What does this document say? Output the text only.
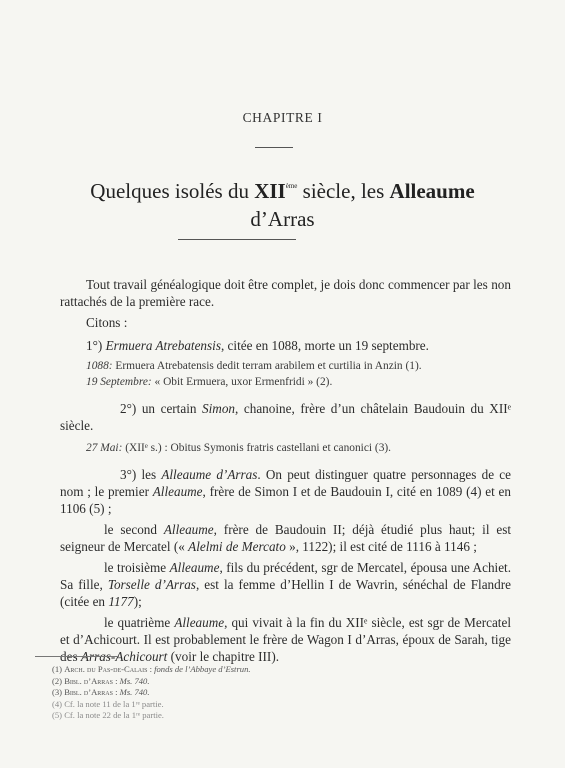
CHAPITRE I
Quelques isolés du XIIème siècle, les Alleaume
d’Arras

Tout travail généalogique doit être complet, je dois donc commencer par les non rattachés de la première race.

Citons :

1°) Ermuera Atrebatensis, citée en 1088, morte un 19 septembre.

1088: Ermuera Atrebatensis dedit terram arabilem et curtilia in Anzin (1).

19 Septembre: « Obit Ermuera, uxor Ermenfridi » (2).

2°) un certain Simon, chanoine, frère d’un châtelain Baudouin du XIIᵉ siècle.

27 Mai: (XIIᵉ s.) : Obitus Symonis fratris castellani et canonici (3).

3°) les Alleaume d’Arras. On peut distinguer quatre personnages de ce nom ; le premier Alleaume, frère de Simon I et de Baudouin I, cité en 1089 (4) et en 1106 (5) ;

le second Alleaume, frère de Baudouin II; déjà étudié plus haut; il est seigneur de Mercatel (« Alelmi de Mercato », 1122); il est cité de 1116 à 1146 ;

le troisième Alleaume, fils du précédent, sgr de Mercatel, épousa une Achiet. Sa fille, Torselle d’Arras, est la femme d’Hellin I de Wavrin, sénéchal de Flandre (citée en 1177);

le quatrième Alleaume, qui vivait à la fin du XIIᵉ siècle, est sgr de Mercatel et d’Achicourt. Il est probablement le frère de Wagon I d’Arras, époux de Sarah, tige des Arras-Achicourt (voir le chapitre III).

(1) Arch. du Pas-de-Calais : fonds de l’Abbaye d’Estrun.

(2) Bibl. d’Arras : Ms. 740.

(3) Bibl. d’Arras : Ms. 740.

(4) Cf. la note 11 de la 1ʳᵉ partie.

(5) Cf. la note 22 de la 1ʳᵉ partie.
